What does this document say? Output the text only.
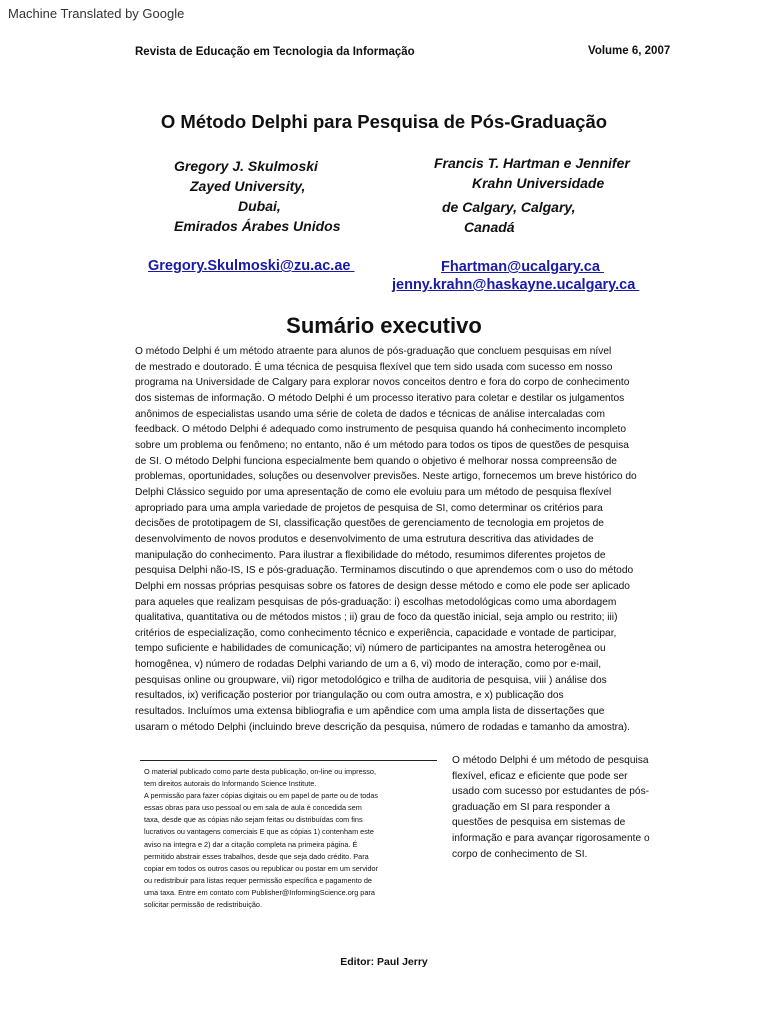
Machine Translated by Google
Revista de Educação em Tecnologia da Informação	Volume 6, 2007
O Método Delphi para Pesquisa de Pós-Graduação
Gregory J. Skulmoski
Zayed University,
Dubai,
Emirados Árabes Unidos
Francis T. Hartman e Jennifer
Krahn Universidade
de Calgary, Calgary,
Canadá
Gregory.Skulmoski@zu.ac.ae	Fhartman@ucalgary.ca
jenny.krahn@haskayne.ucalgary.ca
Sumário executivo
O método Delphi é um método atraente para alunos de pós-graduação que concluem pesquisas em nível
de mestrado e doutorado. É uma técnica de pesquisa flexível que tem sido usada com sucesso em nosso
programa na Universidade de Calgary para explorar novos conceitos dentro e fora do corpo de conhecimento
dos sistemas de informação. O método Delphi é um processo iterativo para coletar e destilar os julgamentos
anônimos de especialistas usando uma série de coleta de dados e técnicas de análise intercaladas com
feedback. O método Delphi é adequado como instrumento de pesquisa quando há conhecimento incompleto
sobre um problema ou fenômeno; no entanto, não é um método para todos os tipos de questões de pesquisa
de SI. O método Delphi funciona especialmente bem quando o objetivo é melhorar nossa compreensão de
problemas, oportunidades, soluções ou desenvolver previsões. Neste artigo, fornecemos um breve histórico do
Delphi Clássico seguido por uma apresentação de como ele evoluiu para um método de pesquisa flexível
apropriado para uma ampla variedade de projetos de pesquisa de SI, como determinar os critérios para
decisões de prototipagem de SI, classificação questões de gerenciamento de tecnologia em projetos de
desenvolvimento de novos produtos e desenvolvimento de uma estrutura descritiva das atividades de
manipulação do conhecimento. Para ilustrar a flexibilidade do método, resumimos diferentes projetos de
pesquisa Delphi não-IS, IS e pós-graduação. Terminamos discutindo o que aprendemos com o uso do método
Delphi em nossas próprias pesquisas sobre os fatores de design desse método e como ele pode ser aplicado
para aqueles que realizam pesquisas de pós-graduação: i) escolhas metodológicas como uma abordagem
qualitativa, quantitativa ou de métodos mistos ; ii) grau de foco da questão inicial, seja amplo ou restrito; iii)
critérios de especialização, como conhecimento técnico e experiência, capacidade e vontade de participar,
tempo suficiente e habilidades de comunicação; vi) número de participantes na amostra heterogênea ou
homogênea, v) número de rodadas Delphi variando de um a 6, vi) modo de interação, como por e-mail,
pesquisas online ou groupware, vii) rigor metodológico e trilha de auditoria de pesquisa, viii ) análise dos
resultados, ix) verificação posterior por triangulação ou com outra amostra, e x) publicação dos
resultados. Incluímos uma extensa bibliografia e um apêndice com uma ampla lista de dissertações que
usaram o método Delphi (incluindo breve descrição da pesquisa, número de rodadas e tamanho da amostra).
O material publicado como parte desta publicação, on-line ou impresso,
tem direitos autorais do Informando Science Institute.
A permissão para fazer cópias digitais ou em papel de parte ou de todas
essas obras para uso pessoal ou em sala de aula é concedida sem
taxa, desde que as cópias não sejam feitas ou distribuídas com fins
lucrativos ou vantagens comerciais E que as cópias 1) contenham este
aviso na íntegra e 2) dar a citação completa na primeira página. É
permitido abstrair esses trabalhos, desde que seja dado crédito. Para
copiar em todos os outros casos ou republicar ou postar em um servidor
ou redistribuir para listas requer permissão específica e pagamento de
uma taxa. Entre em contato com Publisher@InformingScience.org para
solicitar permissão de redistribuição.
O método Delphi é um método de pesquisa
flexível, eficaz e eficiente que pode ser
usado com sucesso por estudantes de pós-
graduação em SI para responder a
questões de pesquisa em sistemas de
informação e para avançar rigorosamente o
corpo de conhecimento de SI.
Editor: Paul Jerry
